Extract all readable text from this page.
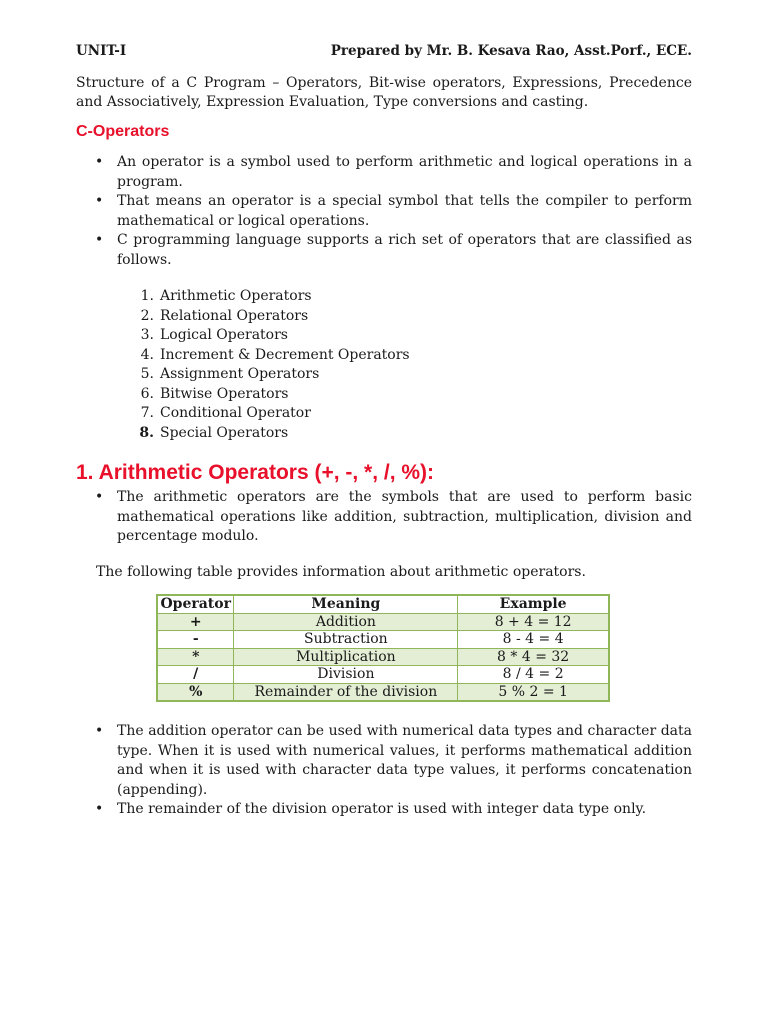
UNIT-I	Prepared by Mr. B. Kesava Rao, Asst.Porf., ECE.

Structure of a C Program – Operators, Bit-wise operators, Expressions, Precedence and Associatively, Expression Evaluation, Type conversions and casting.

C-Operators
• An operator is a symbol used to perform arithmetic and logical operations in a program.
• That means an operator is a special symbol that tells the compiler to perform mathematical or logical operations.
• C programming language supports a rich set of operators that are classified as follows.
1. Arithmetic Operators
2. Relational Operators
3. Logical Operators
4. Increment & Decrement Operators
5. Assignment Operators
6. Bitwise Operators
7. Conditional Operator
8. Special Operators
1. Arithmetic Operators (+, -, *, /, %):
• The arithmetic operators are the symbols that are used to perform basic mathematical operations like addition, subtraction, multiplication, division and percentage modulo.

The following table provides information about arithmetic operators.

Operator	Meaning	Example
+	Addition	8 + 4 = 12
-	Subtraction	8 - 4 = 4
*	Multiplication	8 * 4 = 32
/	Division	8 / 4 = 2
%	Remainder of the division	5 % 2 = 1
• The addition operator can be used with numerical data types and character data type. When it is used with numerical values, it performs mathematical addition and when it is used with character data type values, it performs concatenation (appending).
• The remainder of the division operator is used with integer data type only.
